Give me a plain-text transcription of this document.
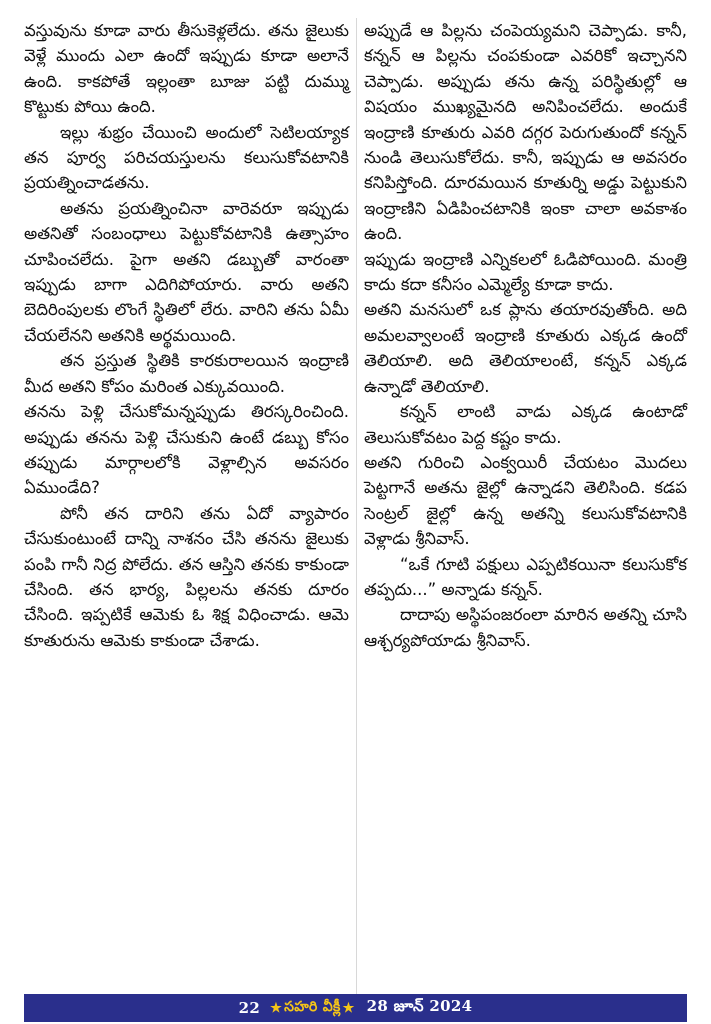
వస్తువును కూడా వారు తీసుకెళ్లలేదు. తను జైలుకు వెళ్లే ముందు ఎలా ఉందో ఇప్పుడు కూడా అలానే ఉంది. కాకపోతే ఇల్లంతా బూజు పట్టి దుమ్ము కొట్టుకు పోయి ఉంది.

ఇల్లు శుభ్రం చేయించి అందులో సెటిలయ్యాక తన పూర్వ పరిచయస్తులను కలుసుకోవటానికి ప్రయత్నించాడతను.

అతను ప్రయత్నించినా వారెవరూ ఇప్పుడు అతనితో సంబంధాలు పెట్టుకోవటానికి ఉత్సాహం చూపించలేదు. పైగా అతని డబ్బుతో వారంతా ఇప్పుడు బాగా ఎదిగిపోయారు. వారు అతని బెదిరింపులకు లొంగే స్థితిలో లేరు. వారిని తను ఏమీ చేయలేనని అతనికి అర్థమయింది.

తన ప్రస్తుత స్థితికి కారకురాలయిన ఇంద్రాణి మీద అతని కోపం మరింత ఎక్కువయింది.

తనను పెళ్లి చేసుకోమన్నప్పుడు తిరస్కరించింది. అప్పుడు తనను పెళ్లి చేసుకుని ఉంటే డబ్బు కోసం తప్పుడు మార్గాలలోకి వెళ్లాల్సిన అవసరం ఏముండేది?

పోనీ తన దారిని తను ఏదో వ్యాపారం చేసుకుంటుంటే దాన్ని నాశనం చేసి తనను జైలుకు పంపి గానీ నిద్ర పోలేదు. తన ఆస్తిని తనకు కాకుండా చేసింది. తన భార్య, పిల్లలను తనకు దూరం చేసింది. ఇప్పటికే ఆమెకు ఓ శిక్ష విధించాడు. ఆమె కూతురును ఆమెకు కాకుండా చేశాడు.

అప్పుడే ఆ పిల్లను చంపెయ్యమని చెప్పాడు. కానీ, కన్నన్ ఆ పిల్లను చంపకుండా ఎవరికో ఇచ్చానని చెప్పాడు. అప్పుడు తను ఉన్న పరిస్థితుల్లో ఆ విషయం ముఖ్యమైనది అనిపించలేదు. అందుకే ఇంద్రాణి కూతురు ఎవరి దగ్గర పెరుగుతుందో కన్నన్ నుండి తెలుసుకోలేదు. కానీ, ఇప్పుడు ఆ అవసరం కనిపిస్తోంది. దూరమయిన కూతుర్ని అడ్డు పెట్టుకుని ఇంద్రాణిని ఏడిపించటానికి ఇంకా చాలా అవకాశం ఉంది.

ఇప్పుడు ఇంద్రాణి ఎన్నికలలో ఓడిపోయింది. మంత్రి కాదు కదా కనీసం ఎమ్మెల్యే కూడా కాదు.

అతని మనసులో ఒక ప్లాను తయారవుతోంది. అది అమలవ్వాలంటే ఇంద్రాణి కూతురు ఎక్కడ ఉందో తెలియాలి. అది తెలియాలంటే, కన్నన్ ఎక్కడ ఉన్నాడో తెలియాలి.

కన్నన్ లాంటి వాడు ఎక్కడ ఉంటాడో తెలుసుకోవటం పెద్ద కష్టం కాదు.

అతని గురించి ఎంక్వయిరీ చేయటం మొదలు పెట్టగానే అతను జైల్లో ఉన్నాడని తెలిసింది. కడప సెంట్రల్ జైల్లో ఉన్న అతన్ని కలుసుకోవటానికి వెళ్లాడు శ్రీనివాస్.

“ఒకే గూటి పక్షులు ఎప్పటికయినా కలుసుకోక తప్పదు...” అన్నాడు కన్నన్.

దాదాపు అస్థిపంజరంలా మారిన అతన్ని చూసి ఆశ్చర్యపోయాడు శ్రీనివాస్.

22 ★ సహరి వీక్లీ ★ 28 జూన్ 2024
